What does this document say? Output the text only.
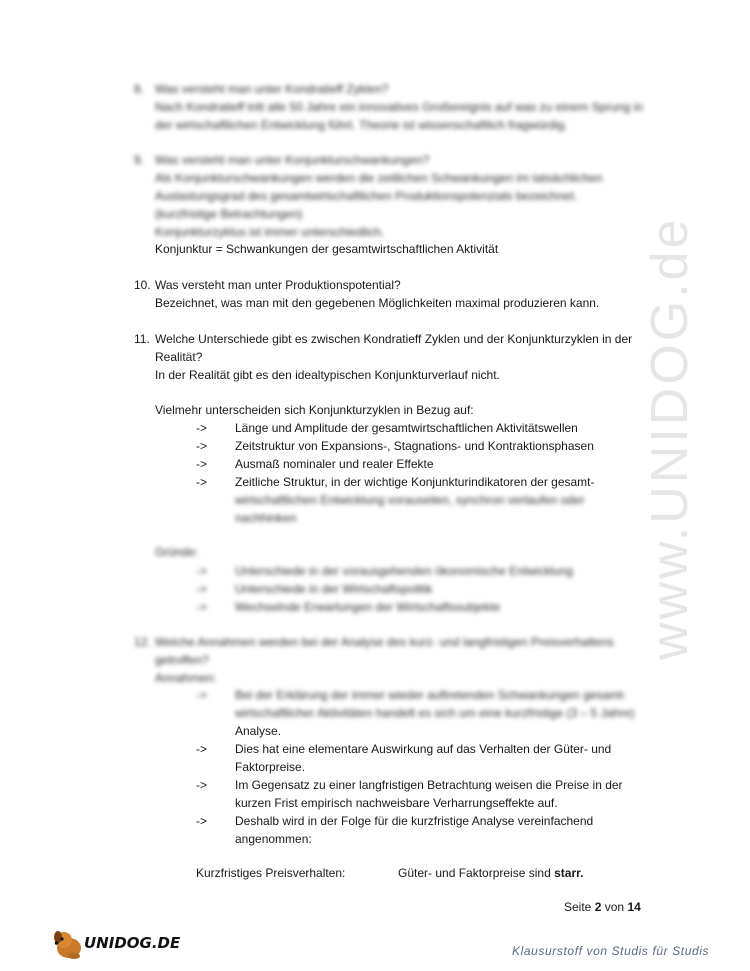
www.UNIDOG.de
8. Was versteht man unter Kondratieff Zyklen?
Nach Kondratieff tritt alle 50 Jahre ein innovatives Großereignis auf was zu einem Sprung in
der wirtschaftlichen Entwicklung führt. Theorie ist wissenschaftlich fragwürdig.
9. Was versteht man unter Konjunkturschwankungen?
Als Konjunkturschwankungen werden die zeitlichen Schwankungen im tatsächlichen
Auslastungsgrad des gesamtwirtschaftlichen Produktionspotenzials bezeichnet.
(kurzfristige Betrachtungen)
Konjunkturzyklus ist immer unterschiedlich.
Konjunktur = Schwankungen der gesamtwirtschaftlichen Aktivität
10. Was versteht man unter Produktionspotential?
Bezeichnet, was man mit den gegebenen Möglichkeiten maximal produzieren kann.
11. Welche Unterschiede gibt es zwischen Kondratieff Zyklen und der Konjunkturzyklen in der
Realität?
In der Realität gibt es den idealtypischen Konjunkturverlauf nicht.
Vielmehr unterscheiden sich Konjunkturzyklen in Bezug auf:
-> Länge und Amplitude der gesamtwirtschaftlichen Aktivitätswellen
-> Zeitstruktur von Expansions-, Stagnations- und Kontraktionsphasen
-> Ausmaß nominaler und realer Effekte
-> Zeitliche Struktur, in der wichtige Konjunkturindikatoren der gesamt-
wirtschaftlichen Entwicklung vorauseilen, synchron verlaufen oder
nachhinken
Gründe:
-> Unterschiede in der vorausgehenden ökonomische Entwicklung
-> Unterschiede in der Wirtschaftspolitik
-> Wechselnde Erwartungen der Wirtschaftssubjekte
12. Welche Annahmen werden bei der Analyse des kurz- und langfristigen Preisverhaltens
getroffen?
Annahmen:
-> Bei der Erklärung der immer wieder auftretenden Schwankungen gesamt-
wirtschaftlicher Aktivitäten handelt es sich um eine kurzfristige (3 – 5 Jahre)
Analyse.
-> Dies hat eine elementare Auswirkung auf das Verhalten der Güter- und
Faktorpreise.
-> Im Gegensatz zu einer langfristigen Betrachtung weisen die Preise in der
kurzen Frist empirisch nachweisbare Verharrungseffekte auf.
-> Deshalb wird in der Folge für die kurzfristige Analyse vereinfachend
angenommen:
Kurzfristiges Preisverhalten:	Güter- und Faktorpreise sind starr.
Seite 2 von 14
UNIDOG.DE	Klausurstoff von Studis für Studis
